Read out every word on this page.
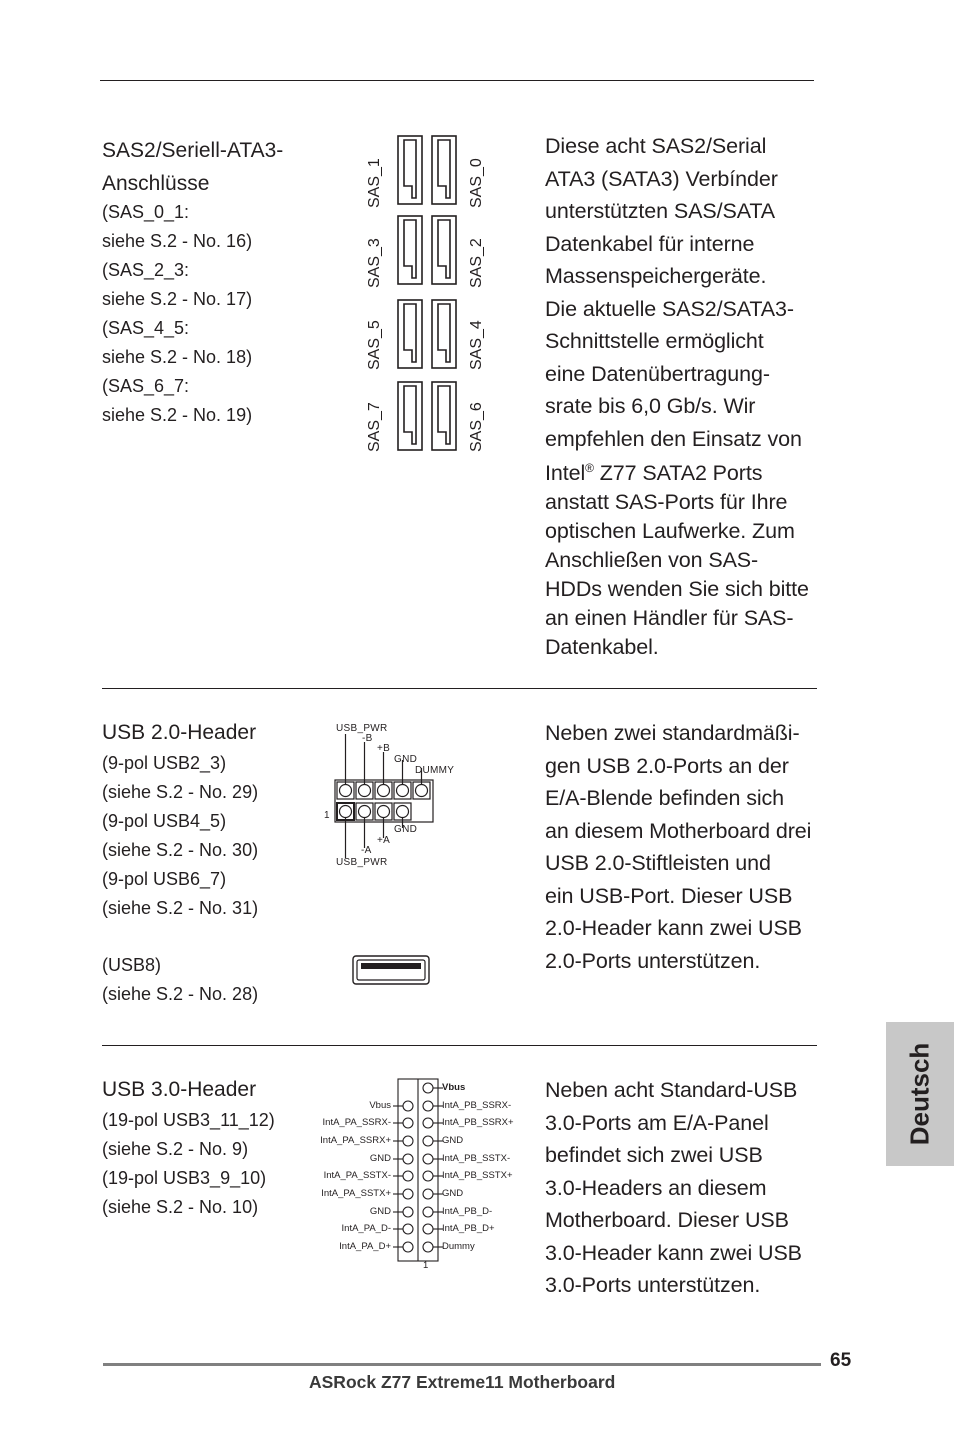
SAS2/Seriell-ATA3-
Anschlüsse
(SAS_0_1:
siehe S.2 - No. 16)
(SAS_2_3:
siehe S.2 - No. 17)
(SAS_4_5:
siehe S.2 - No. 18)
(SAS_6_7:
siehe S.2 - No. 19)
SAS_1	SAS_0
SAS_3	SAS_2
SAS_5	SAS_4
SAS_7	SAS_6
Diese acht SAS2/Serial
ATA3 (SATA3) Verbínder
unterstützten SAS/SATA
Datenkabel für interne
Massenspeichergeräte.
Die aktuelle SAS2/SATA3-
Schnittstelle ermöglicht
eine Datenübertragung-
srate bis 6,0 Gb/s. Wir
empfehlen den Einsatz von
Intel® Z77 SATA2 Ports
anstatt SAS-Ports für Ihre
optischen Laufwerke. Zum
Anschließen von SAS-
HDDs wenden Sie sich bitte
an einen Händler für SAS-
Datenkabel.
USB 2.0-Header
(9-pol USB2_3)
(siehe S.2 - No. 29)
(9-pol USB4_5)
(siehe S.2 - No. 30)
(9-pol USB6_7)
(siehe S.2 - No. 31)
(USB8)
(siehe S.2 - No. 28)
USB_PWR
-B
+B
GND
DUMMY
1
GND
+A
-A
USB_PWR
Neben zwei standardmäßi-
gen USB 2.0-Ports an der
E/A-Blende befinden sich
an diesem Motherboard drei
USB 2.0-Stiftleisten und
ein USB-Port. Dieser USB
2.0-Header kann zwei USB
2.0-Ports unterstützen.
USB 3.0-Header
(19-pol USB3_11_12)
(siehe S.2 - No. 9)
(19-pol USB3_9_10)
(siehe S.2 - No. 10)
Vbus
IntA_PA_SSRX-
IntA_PA_SSRX+
GND
IntA_PA_SSTX-
IntA_PA_SSTX+
GND
IntA_PA_D-
IntA_PA_D+
Vbus
IntA_PB_SSRX-
IntA_PB_SSRX+
GND
IntA_PB_SSTX-
IntA_PB_SSTX+
GND
IntA_PB_D-
IntA_PB_D+
Dummy
1
Neben acht Standard-USB
3.0-Ports am E/A-Panel
befindet sich zwei USB
3.0-Headers an diesem
Motherboard. Dieser USB
3.0-Header kann zwei USB
3.0-Ports unterstützen.
Deutsch
65
ASRock Z77 Extreme11 Motherboard
